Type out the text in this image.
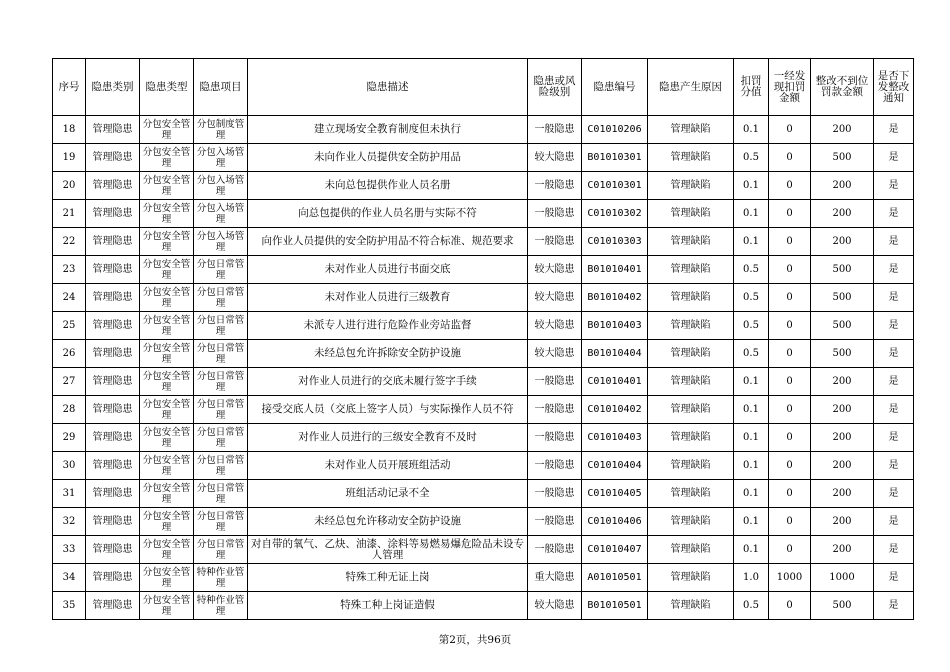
序号	隐患类别	隐患类型	隐患项目	隐患描述	隐患或风险级别	隐患编号	隐患产生原因	扣罚分值	一经发现扣罚金额	整改不到位罚款金额	是否下发整改通知
18	管理隐患	分包安全管理	分包制度管理	建立现场安全教育制度但未执行	一般隐患	C01010206	管理缺陷	0.1	0	200	是
19	管理隐患	分包安全管理	分包入场管理	未向作业人员提供安全防护用品	较大隐患	B01010301	管理缺陷	0.5	0	500	是
20	管理隐患	分包安全管理	分包入场管理	未向总包提供作业人员名册	一般隐患	C01010301	管理缺陷	0.1	0	200	是
21	管理隐患	分包安全管理	分包入场管理	向总包提供的作业人员名册与实际不符	一般隐患	C01010302	管理缺陷	0.1	0	200	是
22	管理隐患	分包安全管理	分包入场管理	向作业人员提供的安全防护用品不符合标准、规范要求	一般隐患	C01010303	管理缺陷	0.1	0	200	是
23	管理隐患	分包安全管理	分包日常管理	未对作业人员进行书面交底	较大隐患	B01010401	管理缺陷	0.5	0	500	是
24	管理隐患	分包安全管理	分包日常管理	未对作业人员进行三级教育	较大隐患	B01010402	管理缺陷	0.5	0	500	是
25	管理隐患	分包安全管理	分包日常管理	未派专人进行进行危险作业旁站监督	较大隐患	B01010403	管理缺陷	0.5	0	500	是
26	管理隐患	分包安全管理	分包日常管理	未经总包允许拆除安全防护设施	较大隐患	B01010404	管理缺陷	0.5	0	500	是
27	管理隐患	分包安全管理	分包日常管理	对作业人员进行的交底未履行签字手续	一般隐患	C01010401	管理缺陷	0.1	0	200	是
28	管理隐患	分包安全管理	分包日常管理	接受交底人员（交底上签字人员）与实际操作人员不符	一般隐患	C01010402	管理缺陷	0.1	0	200	是
29	管理隐患	分包安全管理	分包日常管理	对作业人员进行的三级安全教育不及时	一般隐患	C01010403	管理缺陷	0.1	0	200	是
30	管理隐患	分包安全管理	分包日常管理	未对作业人员开展班组活动	一般隐患	C01010404	管理缺陷	0.1	0	200	是
31	管理隐患	分包安全管理	分包日常管理	班组活动记录不全	一般隐患	C01010405	管理缺陷	0.1	0	200	是
32	管理隐患	分包安全管理	分包日常管理	未经总包允许移动安全防护设施	一般隐患	C01010406	管理缺陷	0.1	0	200	是
33	管理隐患	分包安全管理	分包日常管理	对自带的氧气、乙炔、油漆、涂料等易燃易爆危险品未设专人管理	一般隐患	C01010407	管理缺陷	0.1	0	200	是
34	管理隐患	分包安全管理	特种作业管理	特殊工种无证上岗	重大隐患	A01010501	管理缺陷	1.0	1000	1000	是
35	管理隐患	分包安全管理	特种作业管理	特殊工种上岗证造假	较大隐患	B01010501	管理缺陷	0.5	0	500	是
第2页，共96页
